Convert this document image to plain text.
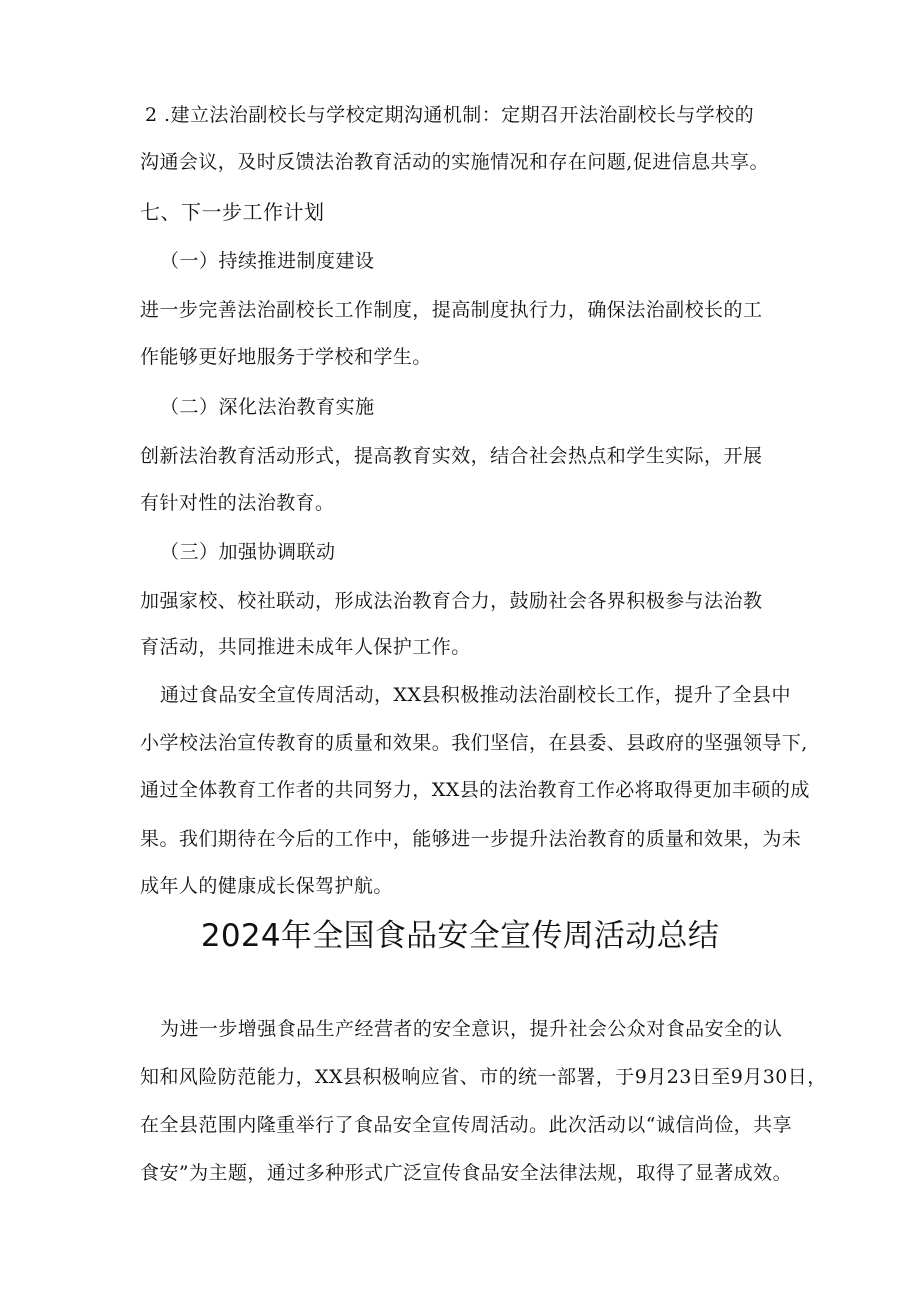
2 .建立法治副校长与学校定期沟通机制：定期召开法治副校长与学校的
沟通会议，及时反馈法治教育活动的实施情况和存在问题,促进信息共享。
七、下一步工作计划
（一）持续推进制度建设
进一步完善法治副校长工作制度，提高制度执行力，确保法治副校长的工
作能够更好地服务于学校和学生。
（二）深化法治教育实施
创新法治教育活动形式，提高教育实效，结合社会热点和学生实际，开展
有针对性的法治教育。
（三）加强协调联动
加强家校、校社联动，形成法治教育合力，鼓励社会各界积极参与法治教
育活动，共同推进未成年人保护工作。
通过食品安全宣传周活动，XX县积极推动法治副校长工作，提升了全县中
小学校法治宣传教育的质量和效果。我们坚信，在县委、县政府的坚强领导下,
通过全体教育工作者的共同努力，XX县的法治教育工作必将取得更加丰硕的成
果。我们期待在今后的工作中，能够进一步提升法治教育的质量和效果，为未
成年人的健康成长保驾护航。
2024年全国食品安全宣传周活动总结
为进一步增强食品生产经营者的安全意识，提升社会公众对食品安全的认
知和风险防范能力，XX县积极响应省、市的统一部署，于9月23日至9月30日，
在全县范围内隆重举行了食品安全宣传周活动。此次活动以“诚信尚俭，共享
食安”为主题，通过多种形式广泛宣传食品安全法律法规，取得了显著成效。
